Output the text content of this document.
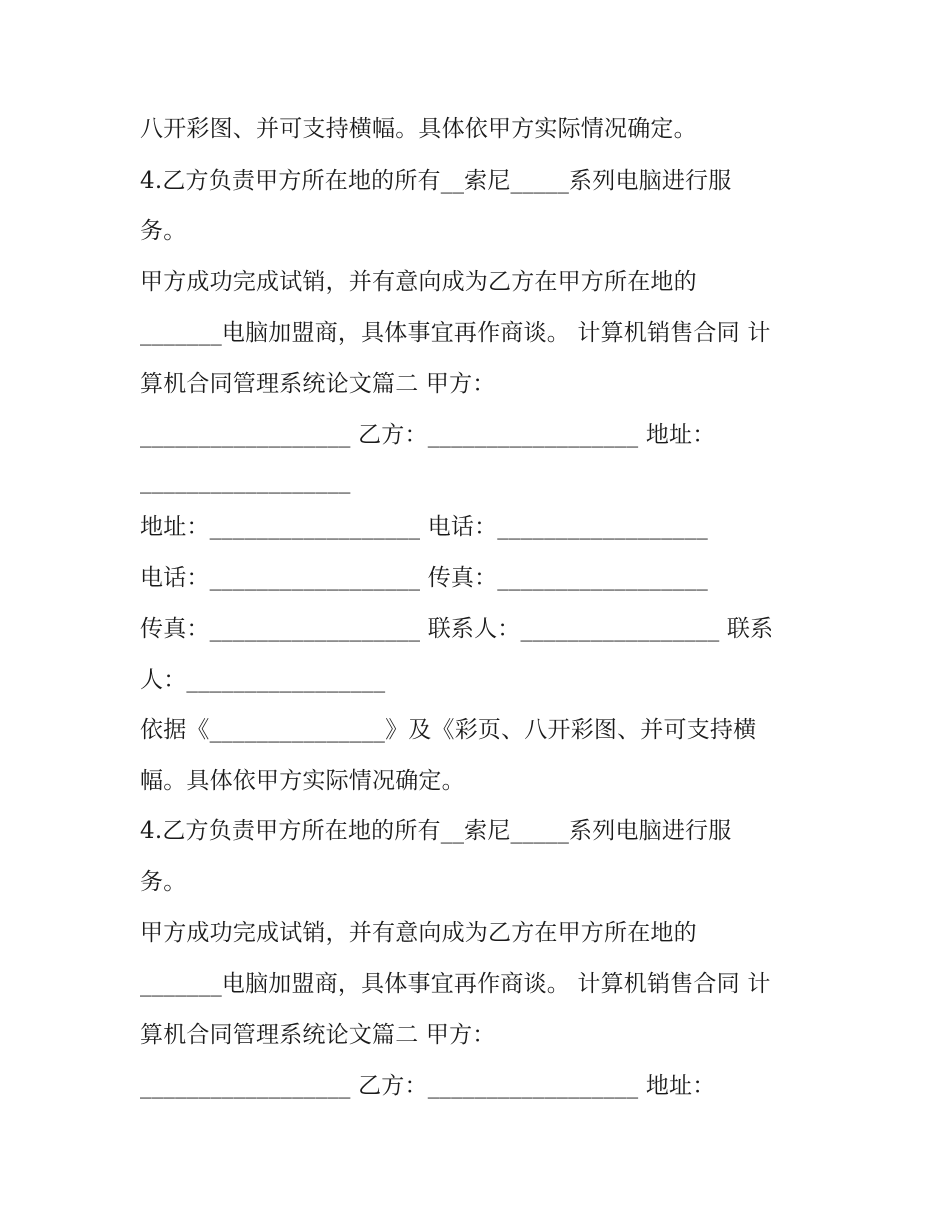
八开彩图、并可支持横幅。具体依甲方实际情况确定。
4.乙方负责甲方所在地的所有__索尼_____系列电脑进行服
务。
甲方成功完成试销，并有意向成为乙方在甲方所在地的
_______电脑加盟商，具体事宜再作商谈。 计算机销售合同 计
算机合同管理系统论文篇二 甲方：
__________________ 乙方：__________________ 地址：
__________________
地址：__________________ 电话：__________________
电话：__________________ 传真：__________________
传真：__________________ 联系人：_________________ 联系
人：_________________
依据《_______________》及《彩页、八开彩图、并可支持横
幅。具体依甲方实际情况确定。
4.乙方负责甲方所在地的所有__索尼_____系列电脑进行服
务。
甲方成功完成试销，并有意向成为乙方在甲方所在地的
_______电脑加盟商，具体事宜再作商谈。 计算机销售合同 计
算机合同管理系统论文篇二 甲方：
__________________ 乙方：__________________ 地址：
